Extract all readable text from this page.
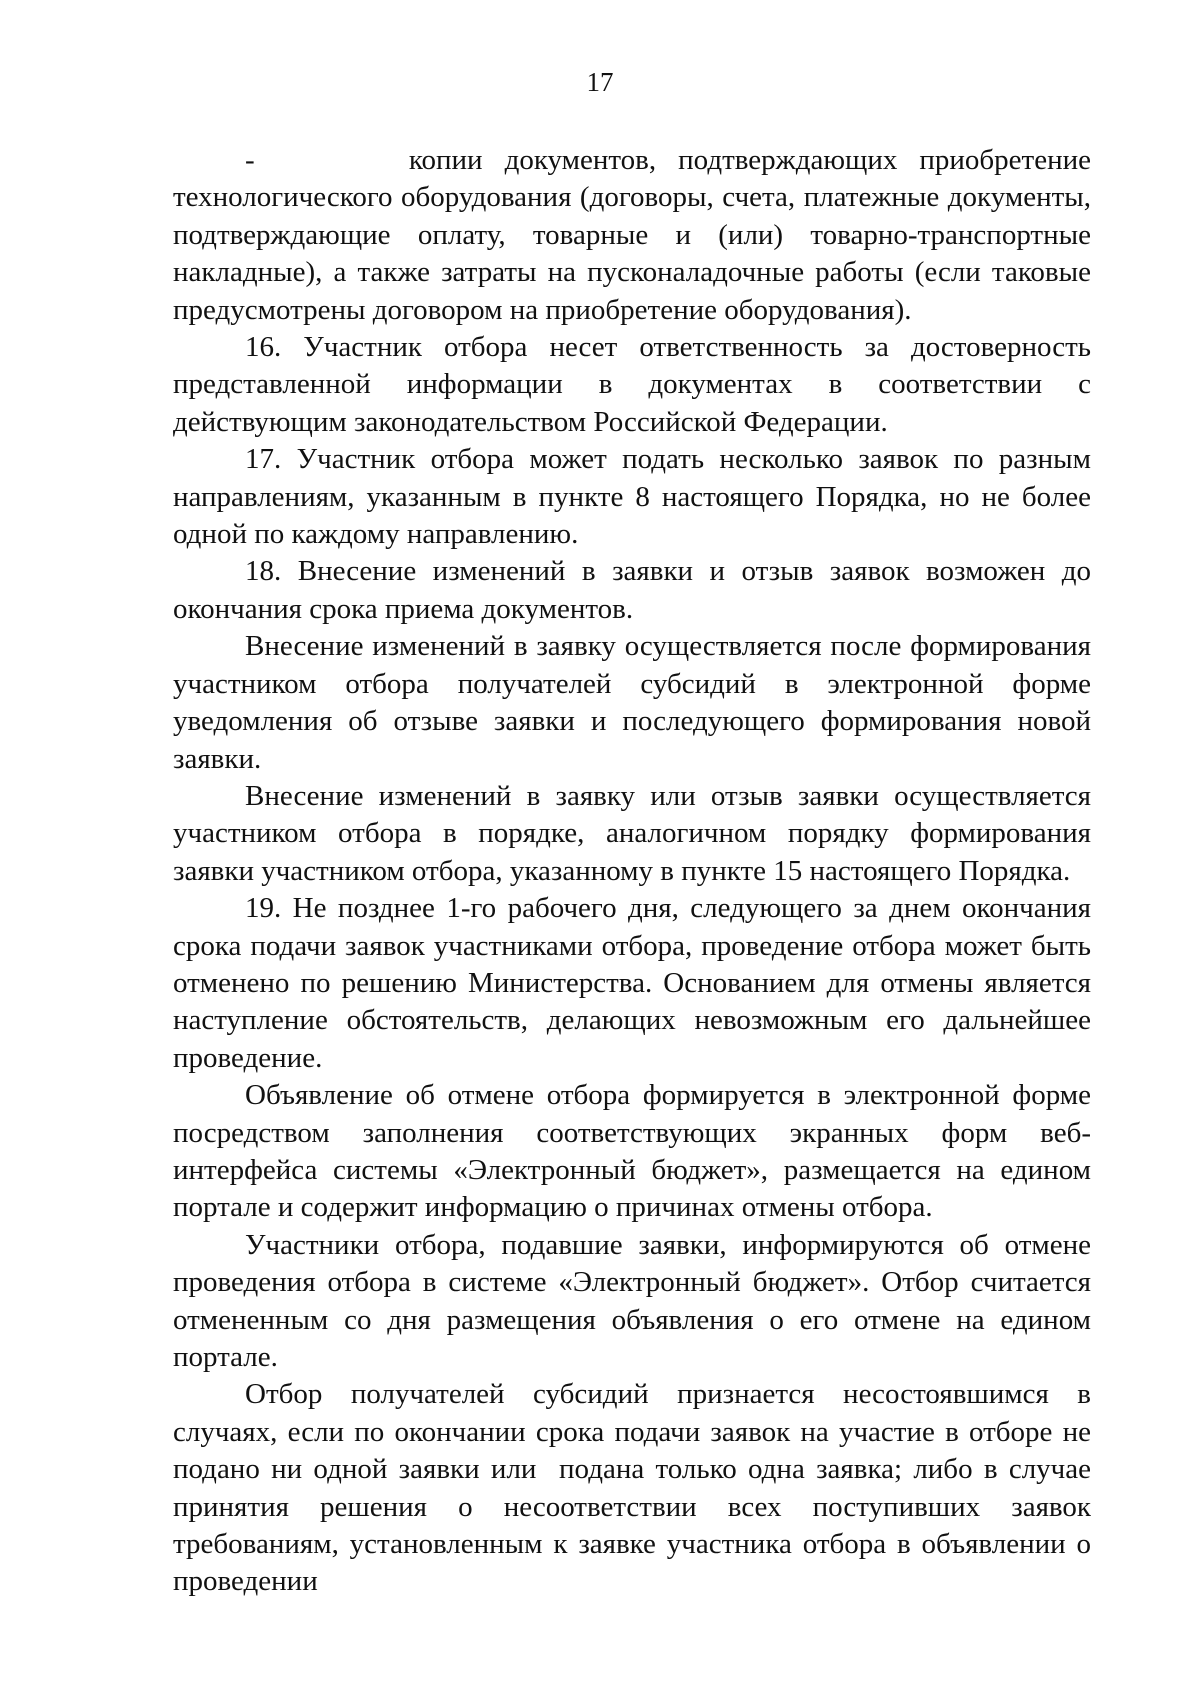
17

-       копии документов, подтверждающих приобретение технологического оборудования (договоры, счета, платежные документы, подтверждающие оплату, товарные и (или) товарно-транспортные накладные), а также затраты на пусконаладочные работы (если таковые предусмотрены договором на приобретение оборудования).

16. Участник отбора несет ответственность за достоверность представленной информации в документах в соответствии с действующим законодательством Российской Федерации.

17. Участник отбора может подать несколько заявок по разным направлениям, указанным в пункте 8 настоящего Порядка, но не более одной по каждому направлению.

18. Внесение изменений в заявки и отзыв заявок возможен до окончания срока приема документов.

Внесение изменений в заявку осуществляется после формирования участником отбора получателей субсидий в электронной форме уведомления об отзыве заявки и последующего формирования новой заявки.

Внесение изменений в заявку или отзыв заявки осуществляется участником отбора в порядке, аналогичном порядку формирования заявки участником отбора, указанному в пункте 15 настоящего Порядка.

19. Не позднее 1-го рабочего дня, следующего за днем окончания срока подачи заявок участниками отбора, проведение отбора может быть отменено по решению Министерства. Основанием для отмены является наступление обстоятельств, делающих невозможным его дальнейшее проведение.

Объявление об отмене отбора формируется в электронной форме посредством заполнения соответствующих экранных форм веб-интерфейса системы «Электронный бюджет», размещается на едином портале и содержит информацию о причинах отмены отбора.

Участники отбора, подавшие заявки, информируются об отмене проведения отбора в системе «Электронный бюджет». Отбор считается отмененным со дня размещения объявления о его отмене на едином портале.

Отбор получателей субсидий признается несостоявшимся в случаях, если по окончании срока подачи заявок на участие в отборе не подано ни одной заявки или  подана только одна заявка; либо в случае принятия решения о несоответствии всех поступивших заявок требованиям, установленным к заявке участника отбора в объявлении о проведении
